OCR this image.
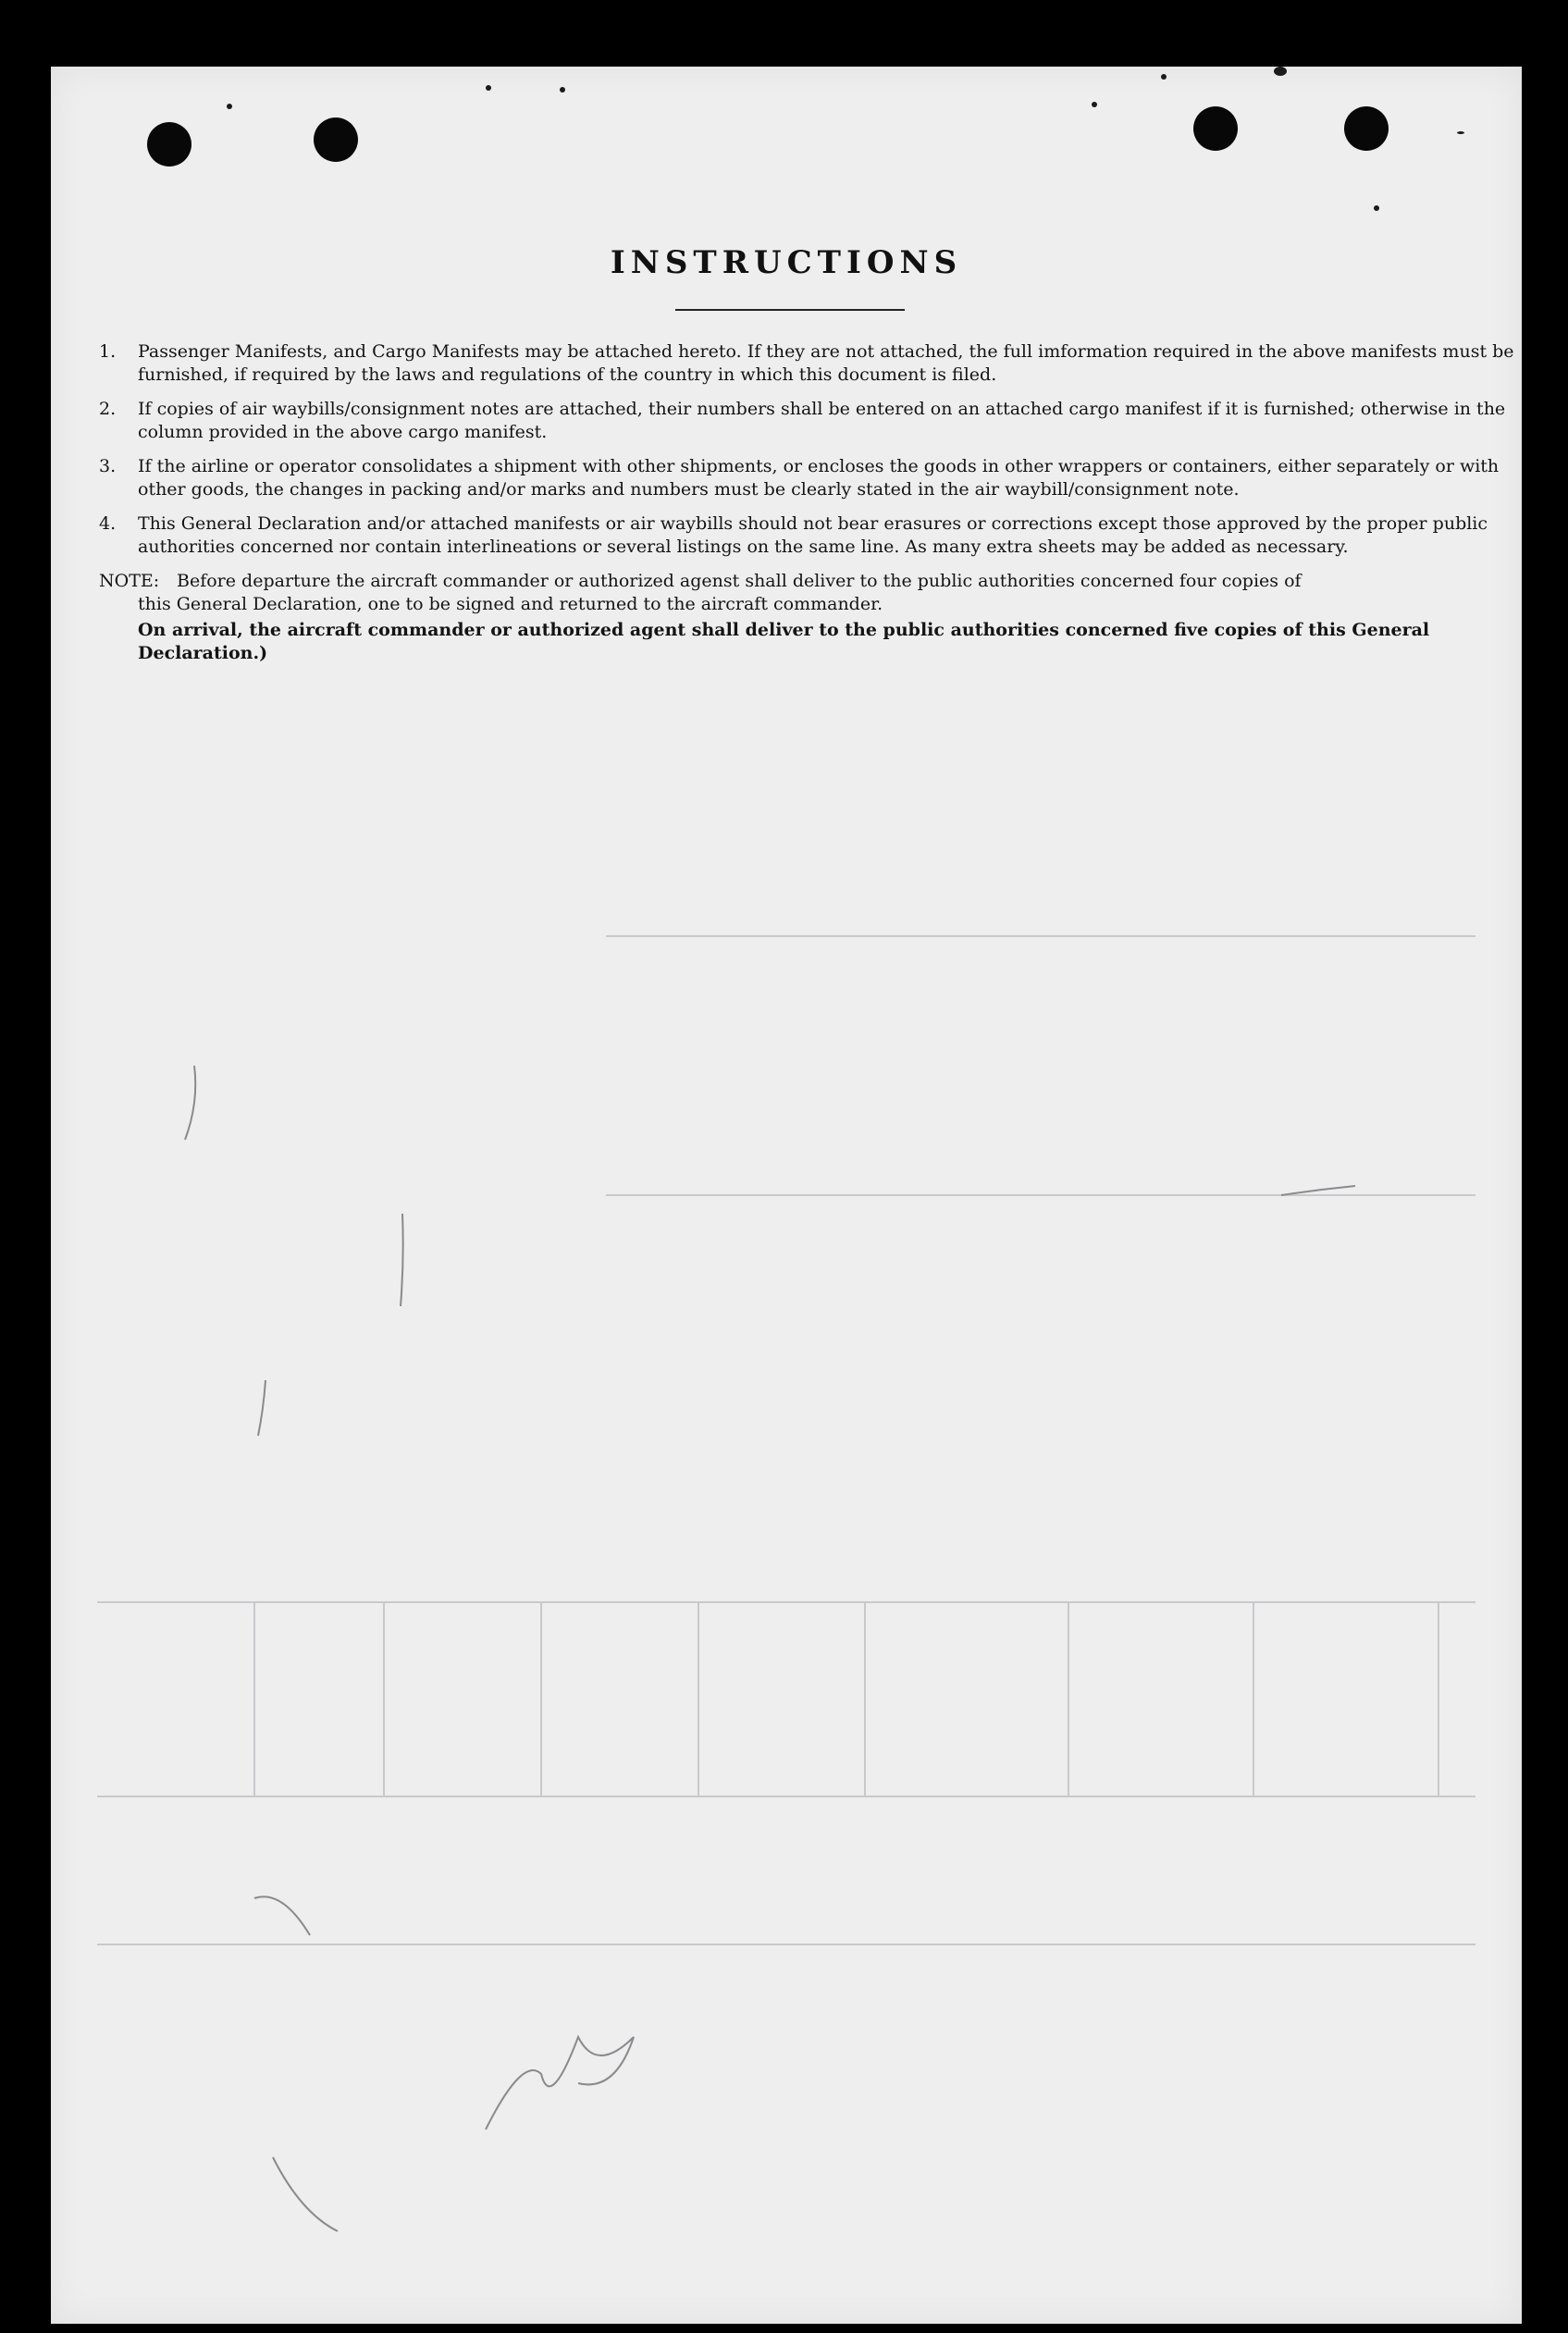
INSTRUCTIONS
1.	Passenger Manifests, and Cargo Manifests may be attached hereto. If they are not attached, the full imformation required in the above manifests must be furnished, if required by the laws and regulations of the country in which this document is filed.
2.	If copies of air waybills/consignment notes are attached, their numbers shall be entered on an attached cargo manifest if it is furnished; otherwise in the column provided in the above cargo manifest.
3.	If the airline or operator consolidates a shipment with other shipments, or encloses the goods in other wrappers or containers, either separately or with other goods, the changes in packing and/or marks and numbers must be clearly stated in the air waybill/consignment note.
4.	This General Declaration and/or attached manifests or air waybills should not bear erasures or corrections except those approved by the proper public authorities concerned nor contain interlineations or several listings on the same line. As many extra sheets may be added as necessary.
NOTE: Before departure the aircraft commander or authorized agenst shall deliver to the public authorities concerned four copies of
this General Declaration, one to be signed and returned to the aircraft commander.
On arrival, the aircraft commander or authorized agent shall deliver to the public authorities concerned five copies of this General Declaration.)
